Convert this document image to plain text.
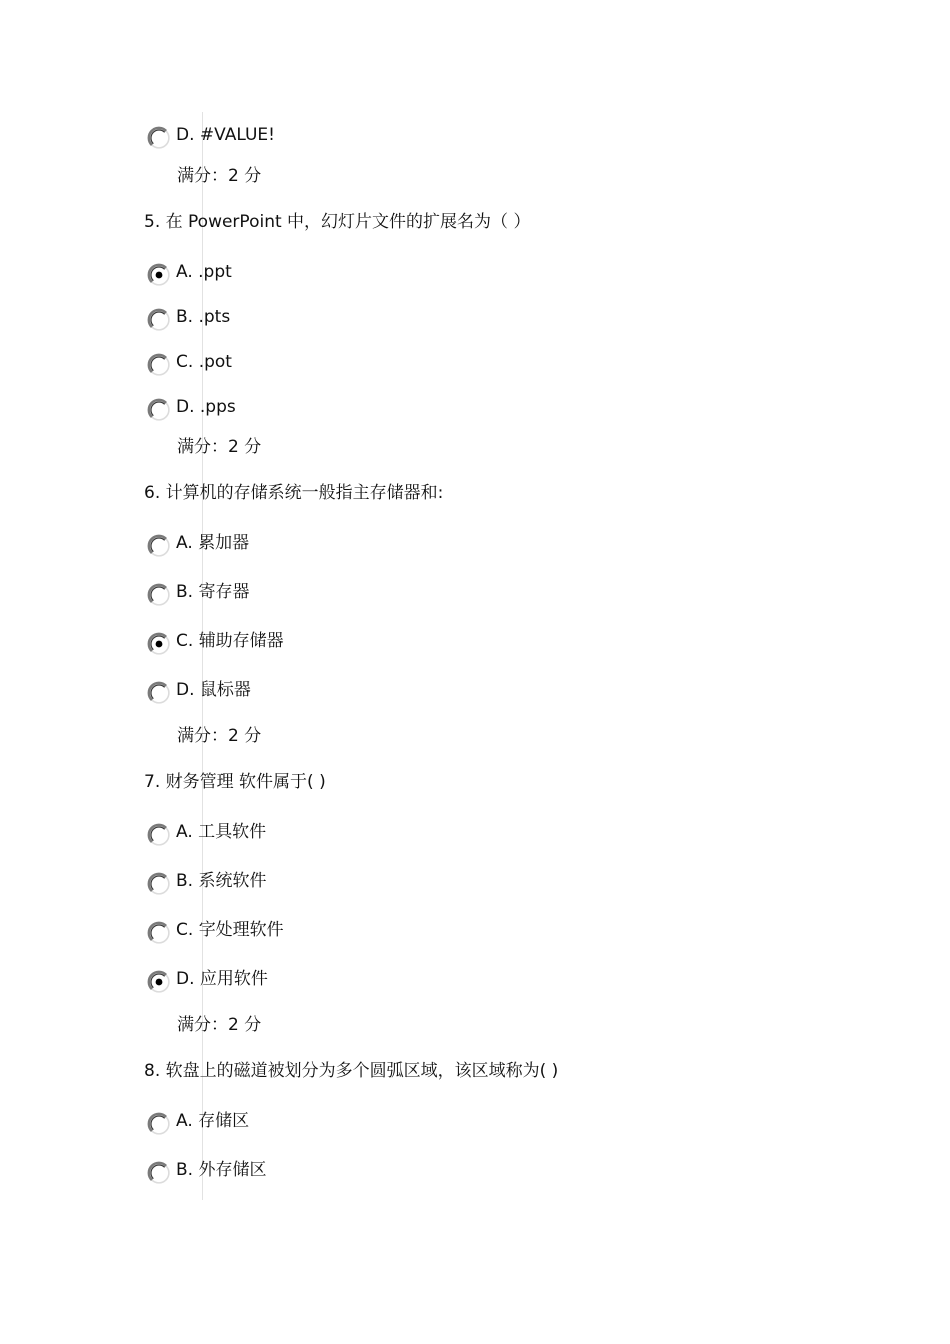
D. #VALUE!
满分：2 分
5. 在 PowerPoint 中，幻灯片文件的扩展名为（ ）
A. .ppt
B. .pts
C. .pot
D. .pps
满分：2 分
6. 计算机的存储系统一般指主存储器和:
A. 累加器
B. 寄存器
C. 辅助存储器
D. 鼠标器
满分：2 分
7. 财务管理 软件属于( )
A. 工具软件
B. 系统软件
C. 字处理软件
D. 应用软件
满分：2 分
8. 软盘上的磁道被划分为多个圆弧区域，该区域称为( )
A. 存储区
B. 外存储区
